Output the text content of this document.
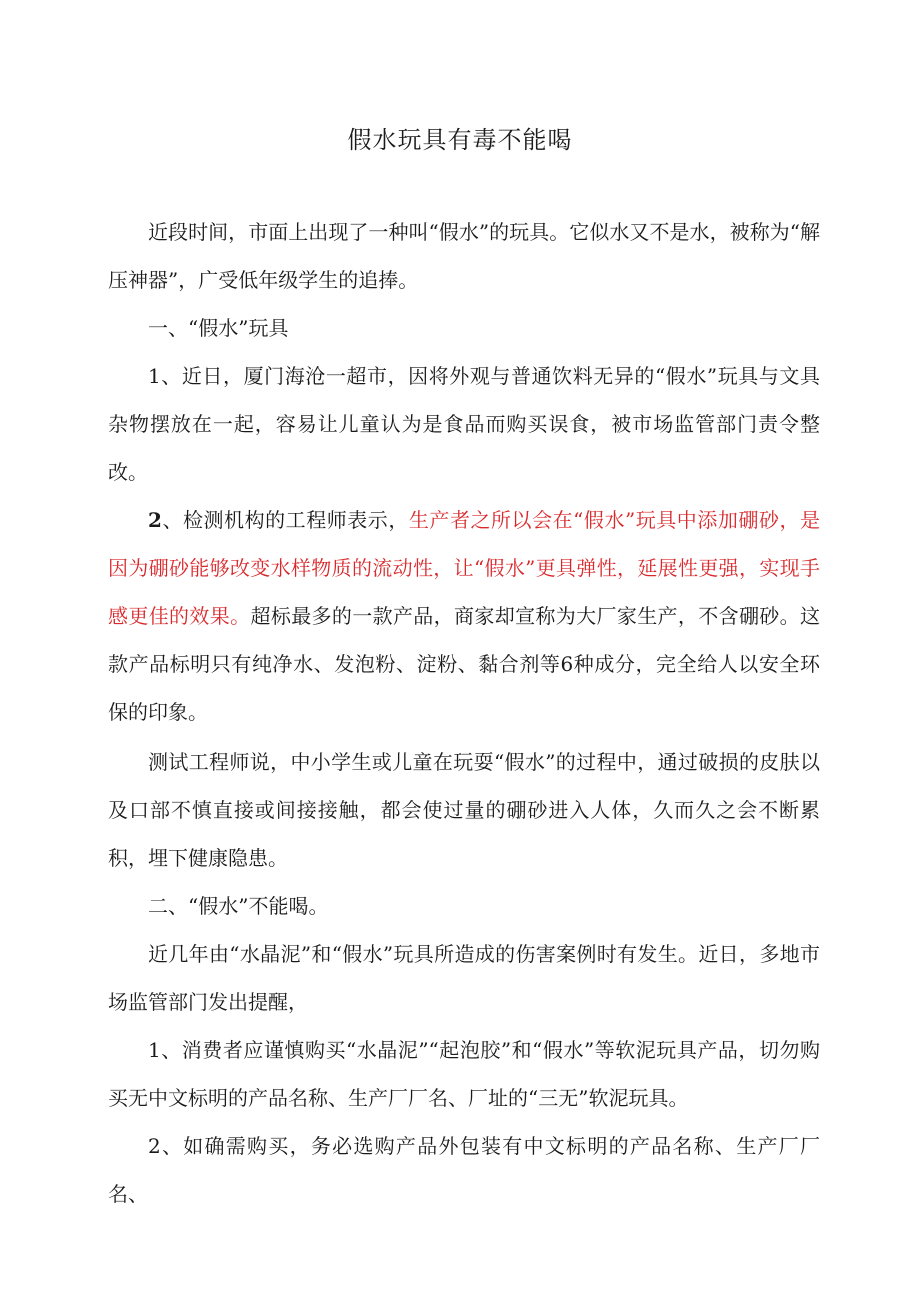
假水玩具有毒不能喝

近段时间，市面上出现了一种叫“假水”的玩具。它似水又不是水，被称为“解压神器”，广受低年级学生的追捧。

一、“假水”玩具

1、近日，厦门海沧一超市，因将外观与普通饮料无异的“假水”玩具与文具杂物摆放在一起，容易让儿童认为是食品而购买误食，被市场监管部门责令整改。

2、检测机构的工程师表示，生产者之所以会在“假水”玩具中添加硼砂，是因为硼砂能够改变水样物质的流动性，让“假水”更具弹性，延展性更强，实现手感更佳的效果。超标最多的一款产品，商家却宣称为大厂家生产，不含硼砂。这款产品标明只有纯净水、发泡粉、淀粉、黏合剂等6种成分，完全给人以安全环保的印象。

测试工程师说，中小学生或儿童在玩耍“假水”的过程中，通过破损的皮肤以及口部不慎直接或间接接触，都会使过量的硼砂进入人体，久而久之会不断累积，埋下健康隐患。

二、“假水”不能喝。

近几年由“水晶泥”和“假水”玩具所造成的伤害案例时有发生。近日，多地市场监管部门发出提醒，

1、消费者应谨慎购买“水晶泥”“起泡胶”和“假水”等软泥玩具产品，切勿购买无中文标明的产品名称、生产厂厂名、厂址的“三无”软泥玩具。

2、如确需购买，务必选购产品外包装有中文标明的产品名称、生产厂厂名、
